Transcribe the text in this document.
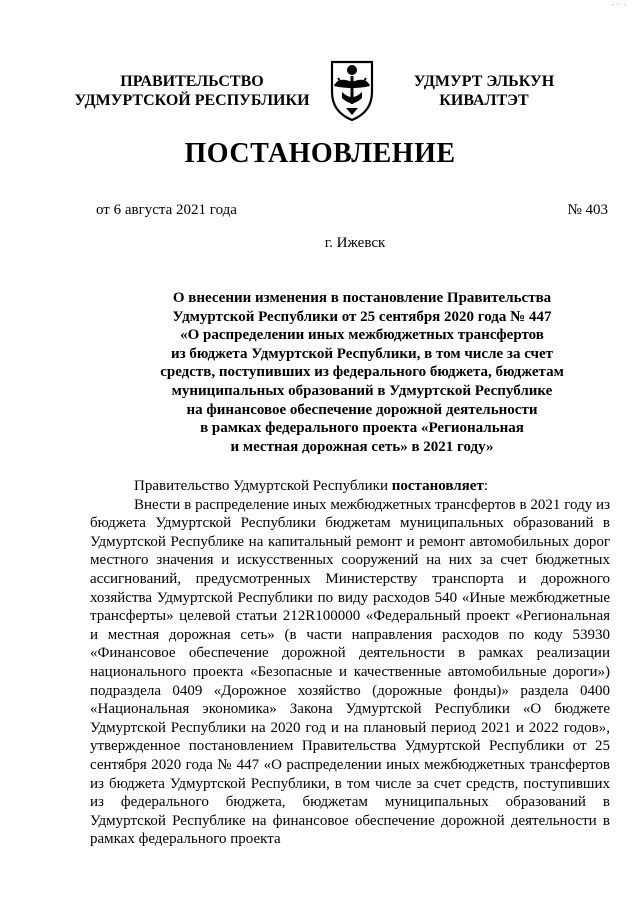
- ·· -
ПРАВИТЕЛЬСТВО
УДМУРТСКОЙ РЕСПУБЛИКИ
УДМУРТ ЭЛЬКУН
КИВАЛТЭТ
ПОСТАНОВЛЕНИЕ
от 6 августа 2021 года	№ 403
г. Ижевск
О внесении изменения в постановление Правительства
Удмуртской Республики от 25 сентября 2020 года № 447
«О распределении иных межбюджетных трансфертов
из бюджета Удмуртской Республики, в том числе за счет
средств, поступивших из федерального бюджета, бюджетам
муниципальных образований в Удмуртской Республике
на финансовое обеспечение дорожной деятельности
в рамках федерального проекта «Региональная
и местная дорожная сеть» в 2021 году»
Правительство Удмуртской Республики постановляет:
Внести в распределение иных межбюджетных трансфертов в 2021 году из бюджета Удмуртской Республики бюджетам муниципальных образований в Удмуртской Республике на капитальный ремонт и ремонт автомобильных дорог местного значения и искусственных сооружений на них за счет бюджетных ассигнований, предусмотренных Министерству транспорта и дорожного хозяйства Удмуртской Республики по виду расходов 540 «Иные межбюджетные трансферты» целевой статьи 212R100000 «Федеральный проект «Региональная и местная дорожная сеть» (в части направления расходов по коду 53930 «Финансовое обеспечение дорожной деятельности в рамках реализации национального проекта «Безопасные и качественные автомобильные дороги») подраздела 0409 «Дорожное хозяйство (дорожные фонды)» раздела 0400 «Национальная экономика» Закона Удмуртской Республики «О бюджете Удмуртской Республики на 2020 год и на плановый период 2021 и 2022 годов», утвержденное постановлением Правительства Удмуртской Республики от 25 сентября 2020 года № 447 «О распределении иных межбюджетных трансфертов из бюджета Удмуртской Республики, в том числе за счет средств, поступивших из федерального бюджета, бюджетам муниципальных образований в Удмуртской Республике на финансовое обеспечение дорожной деятельности в рамках федерального проекта
